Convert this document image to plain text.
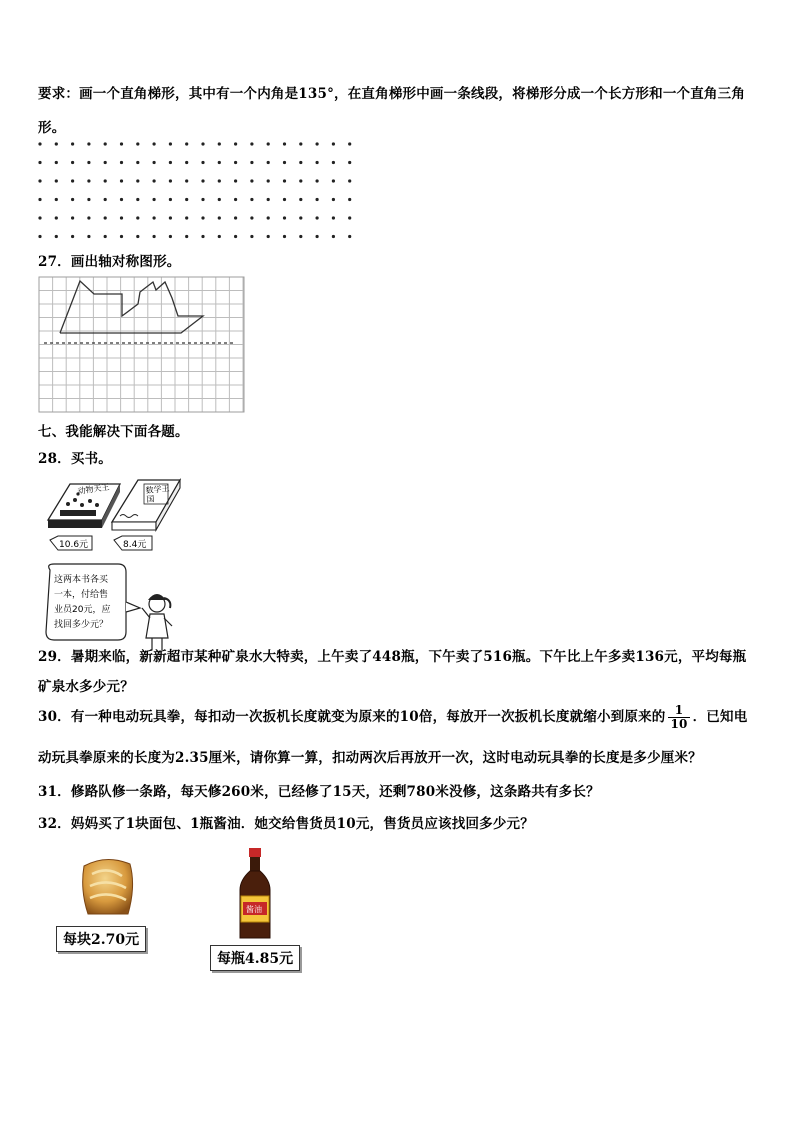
要求：画一个直角梯形，其中有一个内角是135°，在直角梯形中画一条线段，将梯形分成一个长方形和一个直角三角
形。
27．画出轴对称图形。
七、我能解决下面各题。
28．买书。
动物天王
10.6元	8.4元
数学王国
这两本书各买
一本，付给售
业员20元，应
找回多少元？
29．暑期来临，新新超市某种矿泉水大特卖，上午卖了448瓶，下午卖了516瓶。下午比上午多卖136元，平均每瓶
矿泉水多少元？
30．有一种电动玩具拳，每扣动一次扳机长度就变为原来的10倍，每放开一次扳机长度就缩小到原来的 $\frac{1}{10}$ ．已知电
动玩具拳原来的长度为2.35厘米，请你算一算，扣动两次后再放开一次，这时电动玩具拳的长度是多少厘米？
31．修路队修一条路，每天修260米，已经修了15天，还剩780米没修，这条路共有多长？
32．妈妈买了1块面包、1瓶酱油．她交给售货员10元，售货员应该找回多少元？
每块2.70元
酱油
每瓶4.85元
